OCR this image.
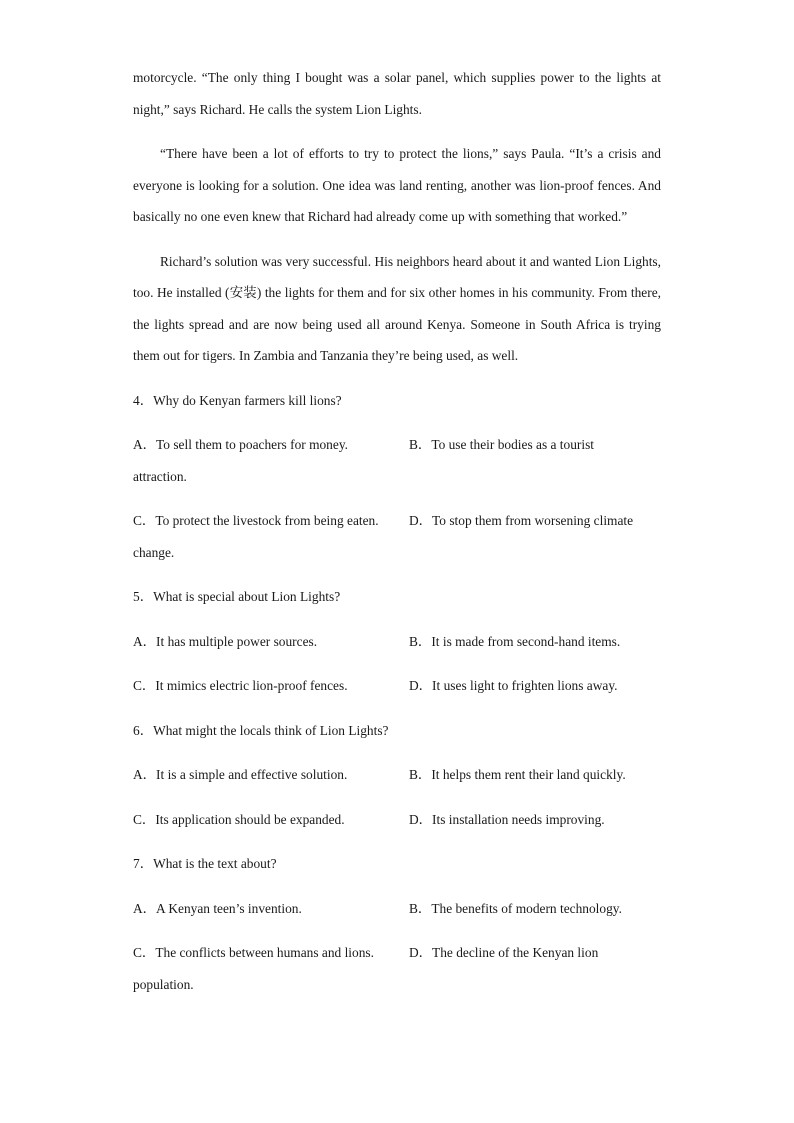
motorcycle. “The only thing I bought was a solar panel, which supplies power to the lights at night,” says Richard. He calls the system Lion Lights.

“There have been a lot of efforts to try to protect the lions,” says Paula. “It’s a crisis and everyone is looking for a solution. One idea was land renting, another was lion-proof fences. And basically no one even knew that Richard had already come up with something that worked.”

Richard’s solution was very successful. His neighbors heard about it and wanted Lion Lights, too. He installed (安装) the lights for them and for six other homes in his community. From there, the lights spread and are now being used all around Kenya. Someone in South Africa is trying them out for tigers. In Zambia and Tanzania they’re being used, as well.

4．Why do Kenyan farmers kill lions?
A．To sell them to poachers for money.	B．To use their bodies as a tourist
attraction.
C．To protect the livestock from being eaten. D．To stop them from worsening climate
change.
5．What is special about Lion Lights?
A．It has multiple power sources.	B．It is made from second-hand items.
C．It mimics electric lion-proof fences.	D．It uses light to frighten lions away.
6．What might the locals think of Lion Lights?
A．It is a simple and effective solution.	B．It helps them rent their land quickly.
C．Its application should be expanded.	D．Its installation needs improving.
7．What is the text about?
A．A Kenyan teen’s invention.	B．The benefits of modern technology.
C．The conflicts between humans and lions.	D．The decline of the Kenyan lion
population.
